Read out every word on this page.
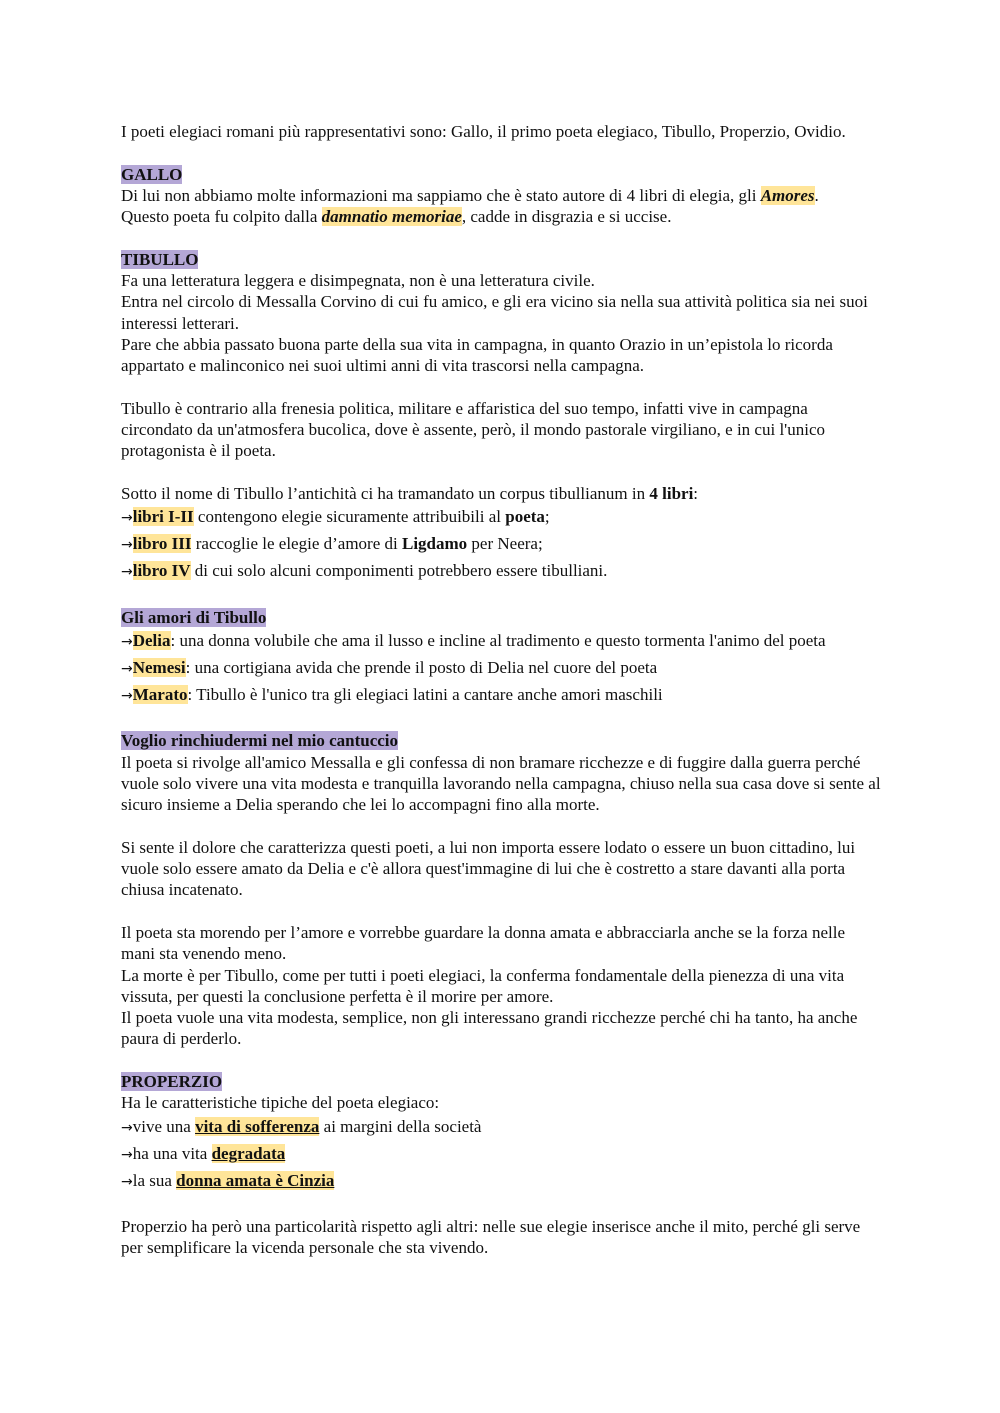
I poeti elegiaci romani più rappresentativi sono: Gallo, il primo poeta elegiaco, Tibullo, Properzio, Ovidio.

GALLO

Di lui non abbiamo molte informazioni ma sappiamo che è stato autore di 4 libri di elegia, gli Amores.

Questo poeta fu colpito dalla damnatio memoriae, cadde in disgrazia e si uccise.

TIBULLO

Fa una letteratura leggera e disimpegnata, non è una letteratura civile.

Entra nel circolo di Messalla Corvino di cui fu amico, e gli era vicino sia nella sua attività politica sia nei suoi interessi letterari.

Pare che abbia passato buona parte della sua vita in campagna, in quanto Orazio in un’epistola lo ricorda appartato e malinconico nei suoi ultimi anni di vita trascorsi nella campagna.

Tibullo è contrario alla frenesia politica, militare e affaristica del suo tempo, infatti vive in campagna circondato da un'atmosfera bucolica, dove è assente, però, il mondo pastorale virgiliano, e in cui l'unico protagonista è il poeta.

Sotto il nome di Tibullo l’antichità ci ha tramandato un corpus tibullianum in 4 libri:

→libri I-II contengono elegie sicuramente attribuibili al poeta;

→libro III raccoglie le elegie d’amore di Ligdamo per Neera;

→libro IV di cui solo alcuni componimenti potrebbero essere tibulliani.

Gli amori di Tibullo

→Delia: una donna volubile che ama il lusso e incline al tradimento e questo tormenta l'animo del poeta

→Nemesi: una cortigiana avida che prende il posto di Delia nel cuore del poeta

→Marato: Tibullo è l'unico tra gli elegiaci latini a cantare anche amori maschili

Voglio rinchiudermi nel mio cantuccio

Il poeta si rivolge all'amico Messalla e gli confessa di non bramare ricchezze e di fuggire dalla guerra perché vuole solo vivere una vita modesta e tranquilla lavorando nella campagna, chiuso nella sua casa dove si sente al sicuro insieme a Delia sperando che lei lo accompagni fino alla morte.

Si sente il dolore che caratterizza questi poeti, a lui non importa essere lodato o essere un buon cittadino, lui vuole solo essere amato da Delia e c'è allora quest'immagine di lui che è costretto a stare davanti alla porta chiusa incatenato.

Il poeta sta morendo per l’amore e vorrebbe guardare la donna amata e abbracciarla anche se la forza nelle mani sta venendo meno.

La morte è per Tibullo, come per tutti i poeti elegiaci, la conferma fondamentale della pienezza di una vita vissuta, per questi la conclusione perfetta è il morire per amore.

Il poeta vuole una vita modesta, semplice, non gli interessano grandi ricchezze perché chi ha tanto, ha anche paura di perderlo.

PROPERZIO

Ha le caratteristiche tipiche del poeta elegiaco:

→vive una vita di sofferenza ai margini della società

→ha una vita degradata

→la sua donna amata è Cinzia

Properzio ha però una particolarità rispetto agli altri: nelle sue elegie inserisce anche il mito, perché gli serve per semplificare la vicenda personale che sta vivendo.
